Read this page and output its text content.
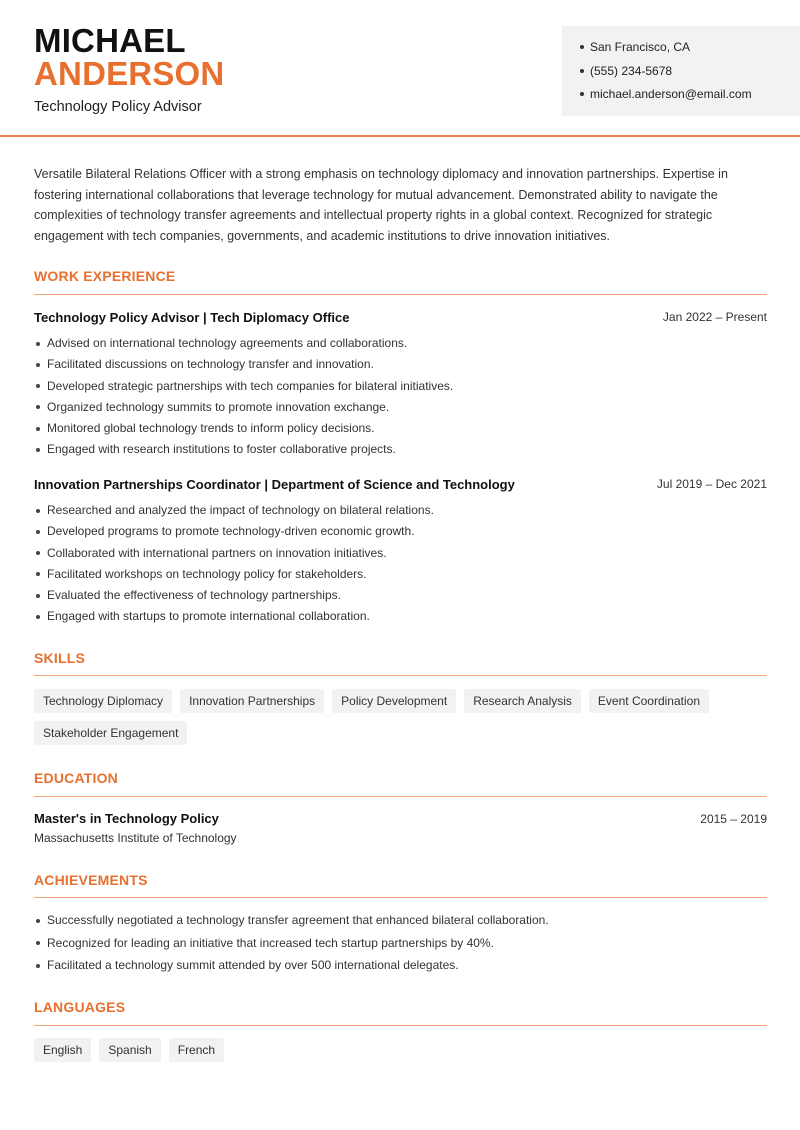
MICHAEL
ANDERSON
Technology Policy Advisor
San Francisco, CA
(555) 234-5678
michael.anderson@email.com

Versatile Bilateral Relations Officer with a strong emphasis on technology diplomacy and innovation partnerships. Expertise in fostering international collaborations that leverage technology for mutual advancement. Demonstrated ability to navigate the complexities of technology transfer agreements and intellectual property rights in a global context. Recognized for strategic engagement with tech companies, governments, and academic institutions to drive innovation initiatives.

WORK EXPERIENCE
Technology Policy Advisor | Tech Diplomacy Office	Jan 2022 – Present
Advised on international technology agreements and collaborations.
Facilitated discussions on technology transfer and innovation.
Developed strategic partnerships with tech companies for bilateral initiatives.
Organized technology summits to promote innovation exchange.
Monitored global technology trends to inform policy decisions.
Engaged with research institutions to foster collaborative projects.
Innovation Partnerships Coordinator | Department of Science and Technology	Jul 2019 – Dec 2021
Researched and analyzed the impact of technology on bilateral relations.
Developed programs to promote technology-driven economic growth.
Collaborated with international partners on innovation initiatives.
Facilitated workshops on technology policy for stakeholders.
Evaluated the effectiveness of technology partnerships.
Engaged with startups to promote international collaboration.
SKILLS
Technology Diplomacy	Innovation Partnerships	Policy Development	Research Analysis	Event Coordination
Stakeholder Engagement
EDUCATION
Master's in Technology Policy	2015 – 2019
Massachusetts Institute of Technology
ACHIEVEMENTS
Successfully negotiated a technology transfer agreement that enhanced bilateral collaboration.
Recognized for leading an initiative that increased tech startup partnerships by 40%.
Facilitated a technology summit attended by over 500 international delegates.
LANGUAGES
English	Spanish	French
